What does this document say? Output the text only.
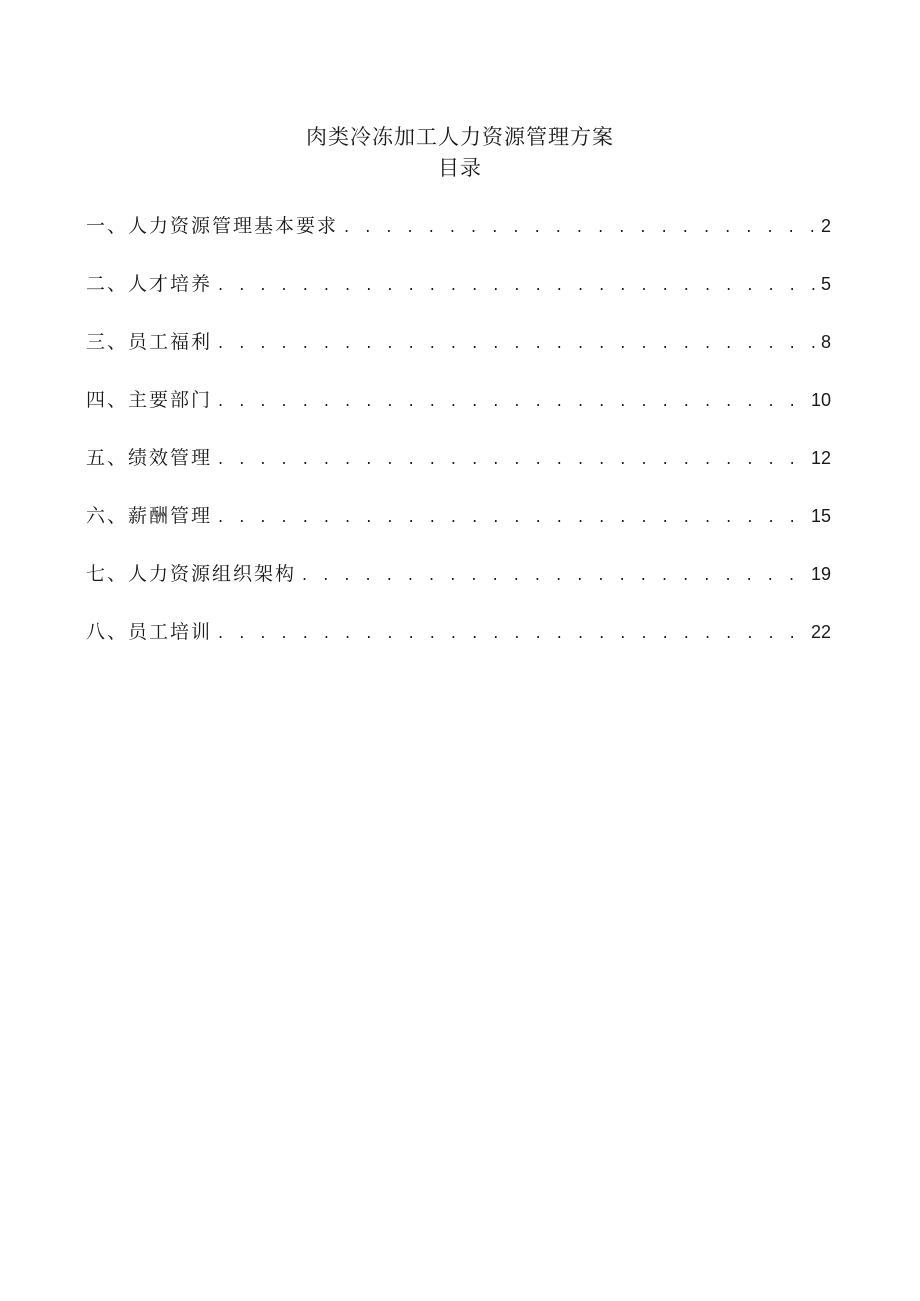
肉类冷冻加工人力资源管理方案
目录
一、人力资源管理基本要求 . . .	2
二、人才培养 . . .	5
三、员工福利 . . .	8
四、主要部门 . . .	10
五、绩效管理 . . .	12
六、薪酬管理 . . .	15
七、人力资源组织架构 . . .	19
八、员工培训 . . .	22
